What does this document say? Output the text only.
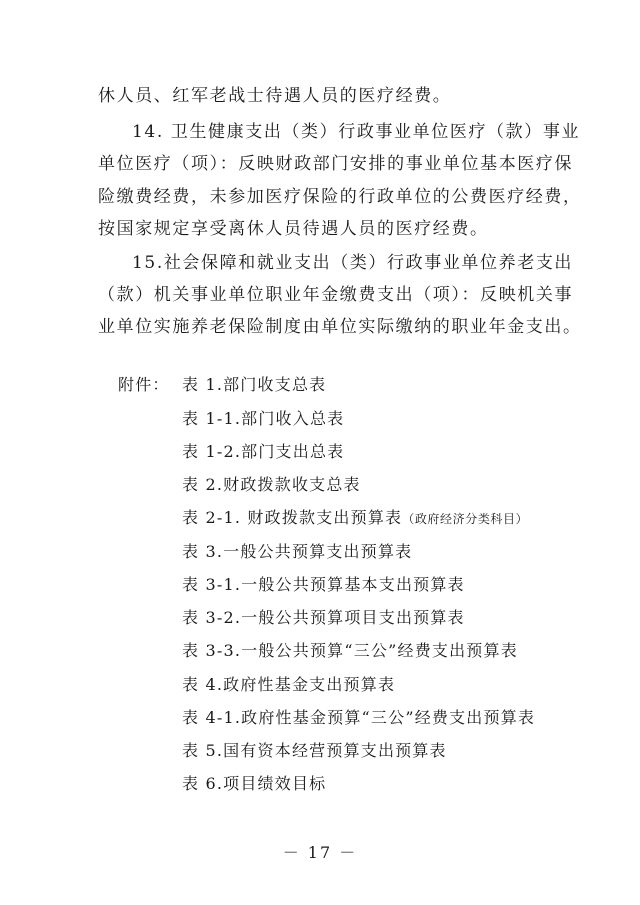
休人员、红军老战士待遇人员的医疗经费。
14. 卫生健康支出（类）行政事业单位医疗（款）事业
单位医疗（项）：反映财政部门安排的事业单位基本医疗保
险缴费经费，未参加医疗保险的行政单位的公费医疗经费，
按国家规定享受离休人员待遇人员的医疗经费。
15.社会保障和就业支出（类）行政事业单位养老支出
（款）机关事业单位职业年金缴费支出（项）：反映机关事
业单位实施养老保险制度由单位实际缴纳的职业年金支出。
附件： 表 1.部门收支总表
表 1-1.部门收入总表
表 1-2.部门支出总表
表 2.财政拨款收支总表
表 2-1. 财政拨款支出预算表（政府经济分类科目）
表 3.一般公共预算支出预算表
表 3-1.一般公共预算基本支出预算表
表 3-2.一般公共预算项目支出预算表
表 3-3.一般公共预算“三公”经费支出预算表
表 4.政府性基金支出预算表
表 4-1.政府性基金预算“三公”经费支出预算表
表 5.国有资本经营预算支出预算表
表 6.项目绩效目标
－ 17 －
